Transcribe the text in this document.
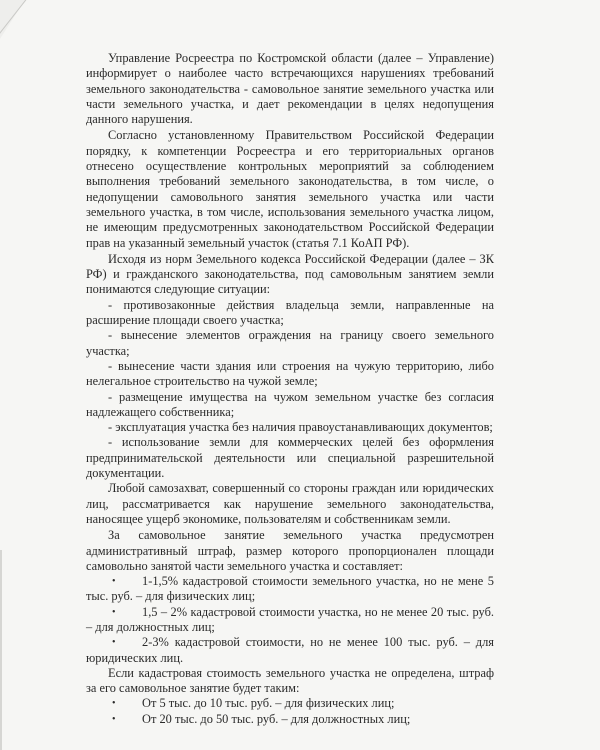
Управление Росреестра по Костромской области (далее – Управление) информирует о наиболее часто встречающихся нарушениях требований земельного законодательства - самовольное занятие земельного участка или части земельного участка, и дает рекомендации в целях недопущения данного нарушения.

Согласно установленному Правительством Российской Федерации порядку, к компетенции Росреестра и его территориальных органов отнесено осуществление контрольных мероприятий за соблюдением выполнения требований земельного законодательства, в том числе, о недопущении самовольного занятия земельного участка или части земельного участка, в том числе, использования земельного участка лицом, не имеющим предусмотренных законодательством Российской Федерации прав на указанный земельный участок (статья 7.1 КоАП РФ).

Исходя из норм Земельного кодекса Российской Федерации (далее – ЗК РФ) и гражданского законодательства, под самовольным занятием земли понимаются следующие ситуации:

- противозаконные действия владельца земли, направленные на расширение площади своего участка;

- вынесение элементов ограждения на границу своего земельного участка;

- вынесение части здания или строения на чужую территорию, либо нелегальное строительство на чужой земле;

- размещение имущества на чужом земельном участке без согласия надлежащего собственника;

- эксплуатация участка без наличия правоустанавливающих документов;

- использование земли для коммерческих целей без оформления предпринимательской деятельности или специальной разрешительной документации.

Любой самозахват, совершенный со стороны граждан или юридических лиц, рассматривается как нарушение земельного законодательства, наносящее ущерб экономике, пользователям и собственникам земли.

За самовольное занятие земельного участка предусмотрен административный штраф, размер которого пропорционален площади самовольно занятой части земельного участка и составляет:

• 1-1,5% кадастровой стоимости земельного участка, но не мене 5 тыс. руб. – для физических лиц;

• 1,5 – 2% кадастровой стоимости участка, но не менее 20 тыс. руб. – для должностных лиц;

• 2-3% кадастровой стоимости, но не менее 100 тыс. руб. – для юридических лиц.

Если кадастровая стоимость земельного участка не определена, штраф за его самовольное занятие будет таким:

• От 5 тыс. до 10 тыс. руб. – для физических лиц;

• От 20 тыс. до 50 тыс. руб. – для должностных лиц;
